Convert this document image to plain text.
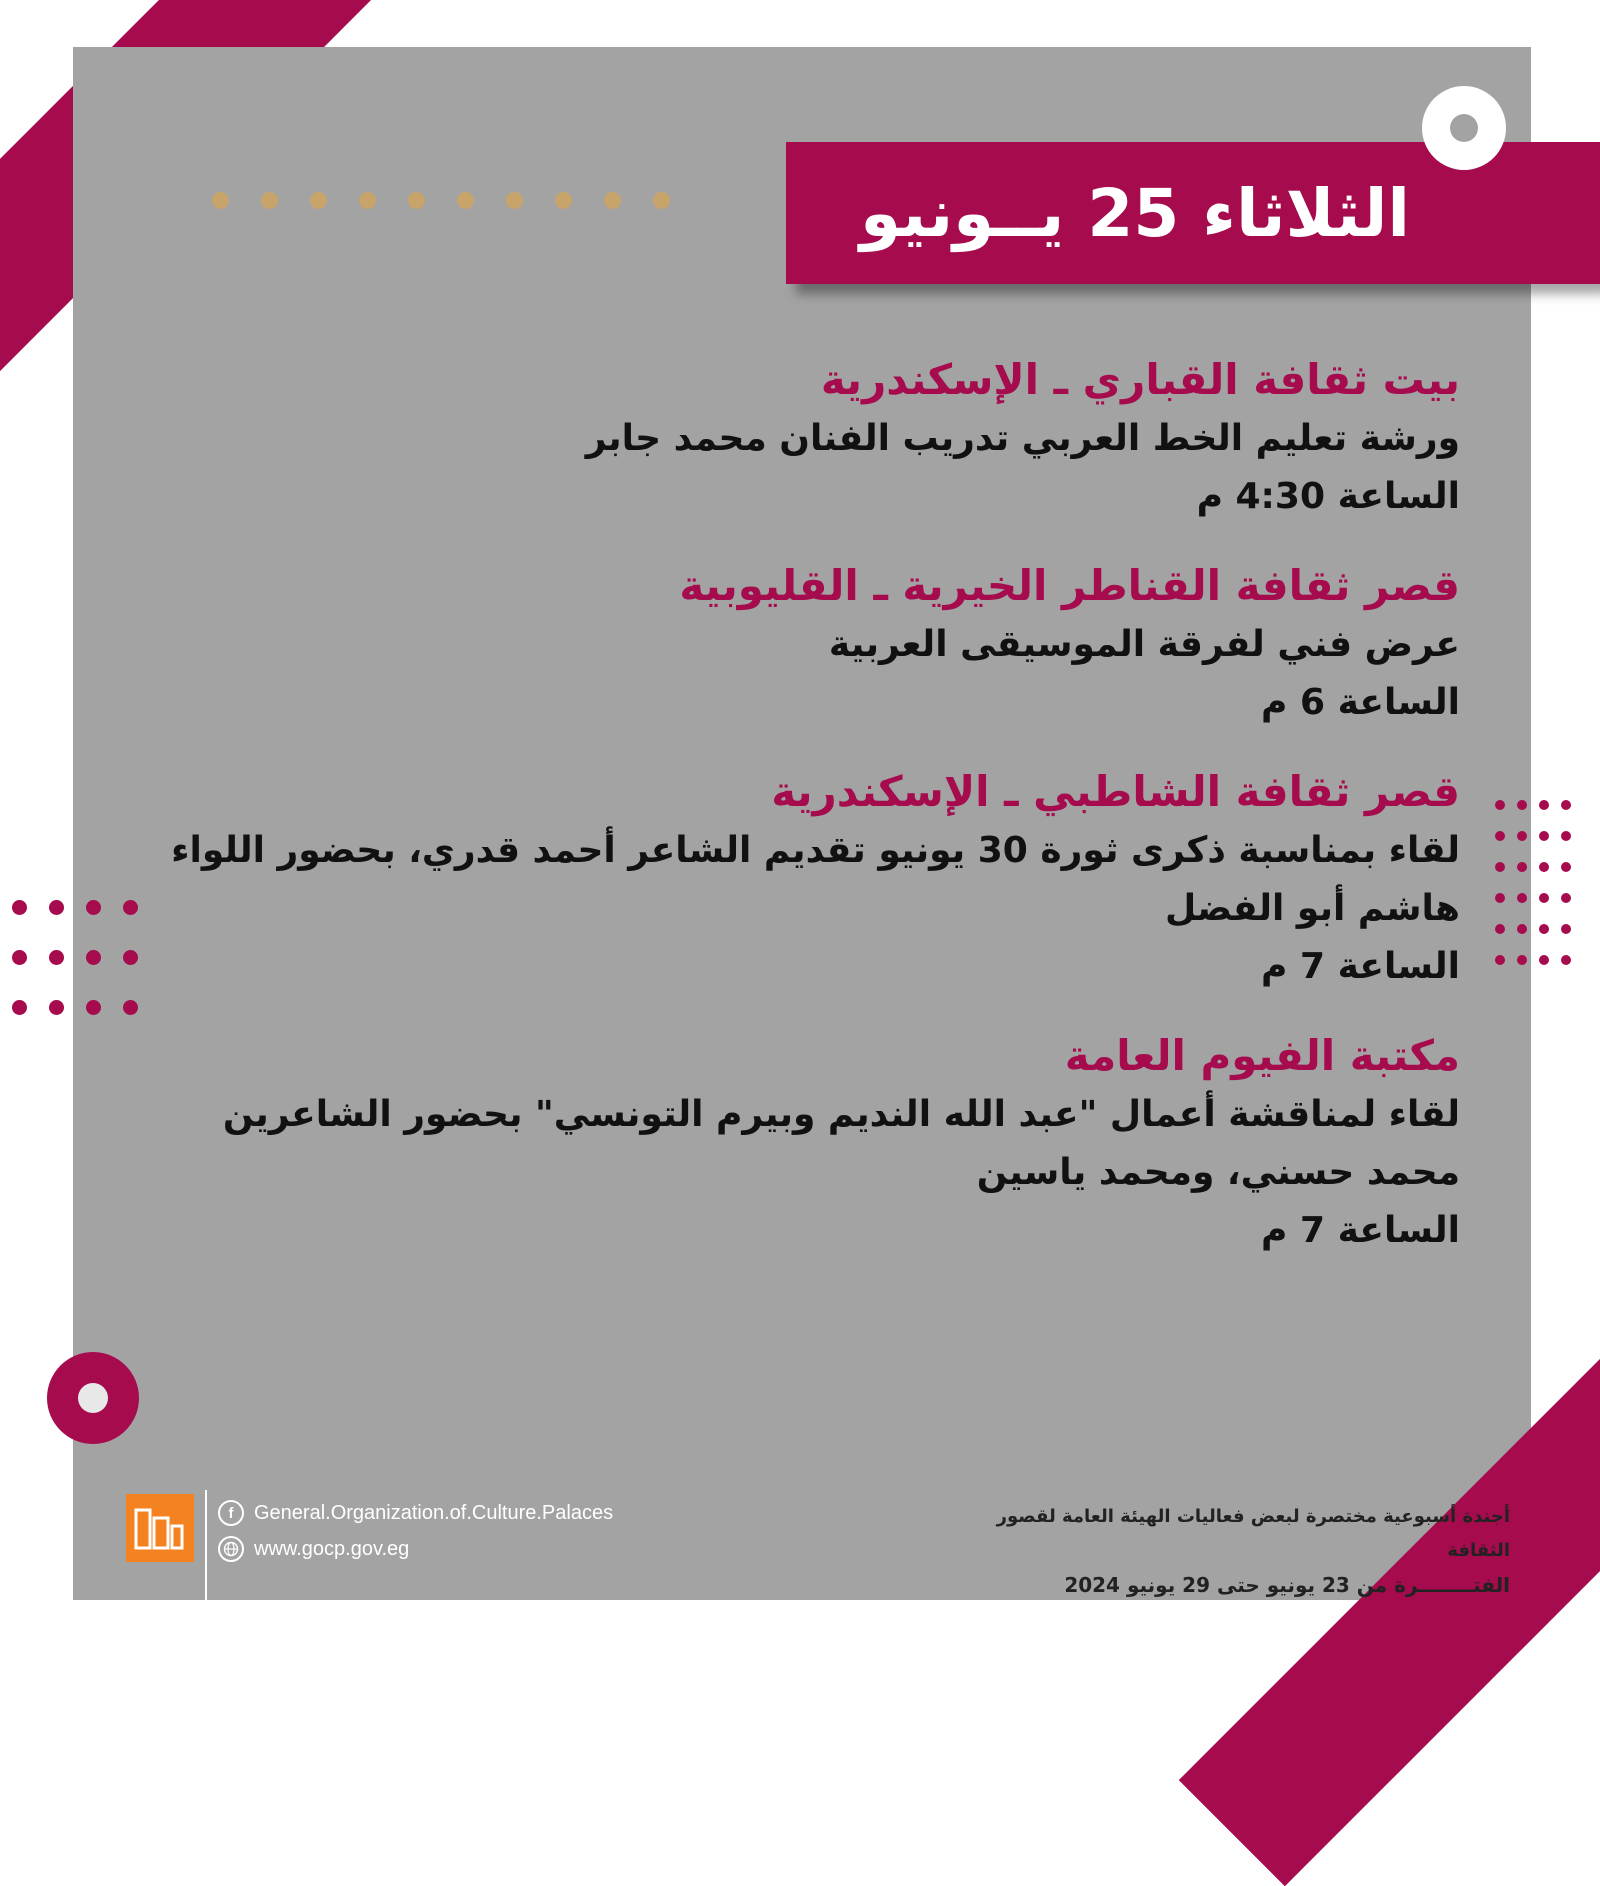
الثلاثاء 25 يــونيو

بيت ثقافة القباري ـ الإسكندرية

ورشة تعليم الخط العربي تدريب الفنان محمد جابر

الساعة 4:30 م

قصر ثقافة القناطر الخيرية ـ القليوبية

عرض فني لفرقة الموسيقى العربية

الساعة 6 م

قصر ثقافة الشاطبي ـ الإسكندرية

لقاء بمناسبة ذكرى ثورة 30 يونيو تقديم الشاعر أحمد قدري، بحضور اللواء هاشم أبو الفضل

الساعة 7 م

مكتبة الفيوم العامة

لقاء لمناقشة أعمال "عبد الله النديم وبيرم التونسي" بحضور الشاعرين محمد حسني، ومحمد ياسين

الساعة 7 م

f	General.Organization.of.Culture.Palaces
www.gocp.gov.eg
أجندة أسبوعية مختصرة لبعض فعاليات الهيئة العامة لقصور الثقافة
الفتــــــــرة من 23 يونيو حتى 29 يونيو 2024
